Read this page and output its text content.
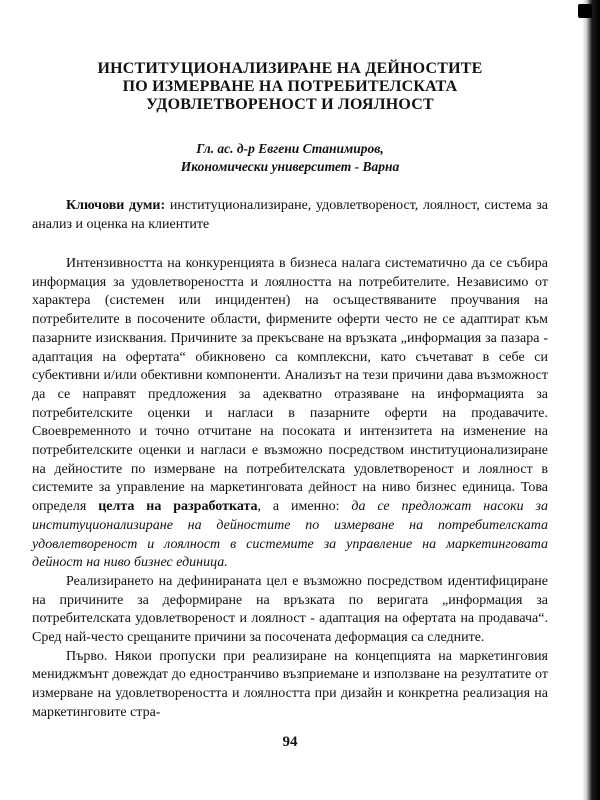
ИНСТИТУЦИОНАЛИЗИРАНЕ НА ДЕЙНОСТИТЕ
ПО ИЗМЕРВАНЕ НА ПОТРЕБИТЕЛСКАТА
УДОВЛЕТВОРЕНОСТ И ЛОЯЛНОСТ
Гл. ас. д-р Евгени Станимиров,
Икономически университет - Варна

Ключови думи: институционализиране, удовлетвореност, лоялност, система за анализ и оценка на клиентите

Интензивността на конкуренцията в бизнеса налага систематично да се събира информация за удовлетвореността и лоялността на потребителите. Независимо от характера (системен или инцидентен) на осъществяваните проучвания на потребителите в посочените области, фирмените оферти често не се адаптират към пазарните изисквания. Причините за прекъсване на връзката „информация за пазара - адаптация на офертата“ обикновено са комплексни, като съчетават в себе си субективни и/или обективни компоненти. Анализът на тези причини дава възможност да се направят предложения за адекватно отразяване на информацията за потребителските оценки и нагласи в пазарните оферти на продавачите. Своевременното и точно отчитане на посоката и интензитета на изменение на потребителските оценки и нагласи е възможно посредством институционализиране на дейностите по измерване на потребителската удовлетвореност и лоялност в системите за управление на маркетинговата дейност на ниво бизнес единица. Това определя целта на разработката, а именно: да се предложат насоки за институционализиране на дейностите по измерване на потребителската удовлетвореност и лоялност в системите за управление на маркетинговата дейност на ниво бизнес единица.

Реализирането на дефинираната цел е възможно посредством идентифициране на причините за деформиране на връзката по веригата „информация за потребителската удовлетвореност и лоялност - адаптация на офертата на продавача“. Сред най-често срещаните причини за посочената деформация са следните.

Първо. Някои пропуски при реализиране на концепцията на маркетинговия мениджмънт довеждат до едностранчиво възприемане и използване на резултатите от измерване на удовлетвореността и лоялността при дизайн и конкретна реализация на маркетинговите стра-

94
